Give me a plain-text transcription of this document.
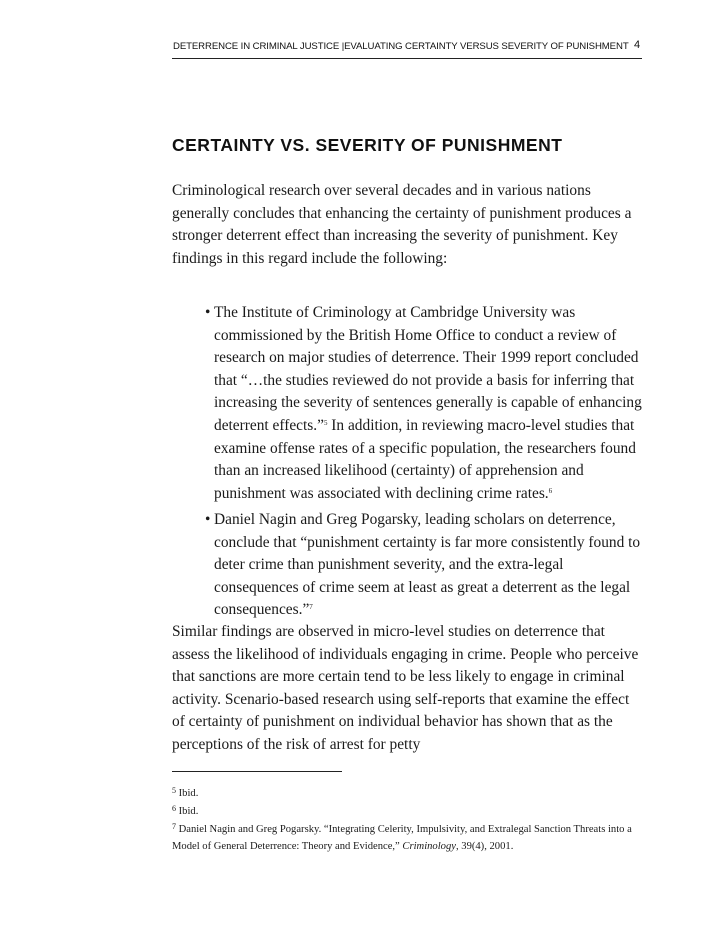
DETERRENCE IN CRIMINAL JUSTICE |EVALUATING CERTAINTY VERSUS SEVERITY OF PUNISHMENT 4
CERTAINTY VS. SEVERITY OF PUNISHMENT

Criminological research over several decades and in various nations generally concludes that enhancing the certainty of punishment produces a stronger deterrent effect than increasing the severity of punishment. Key findings in this regard include the following:

• The Institute of Criminology at Cambridge University was commissioned by the British Home Office to conduct a review of research on major studies of deterrence. Their 1999 report concluded that “…the studies reviewed do not provide a basis for inferring that increasing the severity of sentences generally is capable of enhancing deterrent effects.”$^5$ In addition, in reviewing macro-level studies that examine offense rates of a specific population, the researchers found than an increased likelihood (certainty) of apprehension and punishment was associated with declining crime rates.$^6$

• Daniel Nagin and Greg Pogarsky, leading scholars on deterrence, conclude that “punishment certainty is far more consistently found to deter crime than punishment severity, and the extra-legal consequences of crime seem at least as great a deterrent as the legal consequences.”$^7$

Similar findings are observed in micro-level studies on deterrence that assess the likelihood of individuals engaging in crime. People who perceive that sanctions are more certain tend to be less likely to engage in criminal activity. Scenario-based research using self-reports that examine the effect of certainty of punishment on individual behavior has shown that as the perceptions of the risk of arrest for petty

$^5$ Ibid.

$^6$ Ibid.

$^7$ Daniel Nagin and Greg Pogarsky. “Integrating Celerity, Impulsivity, and Extralegal Sanction Threats into a Model of General Deterrence: Theory and Evidence,” Criminology, 39(4), 2001.
